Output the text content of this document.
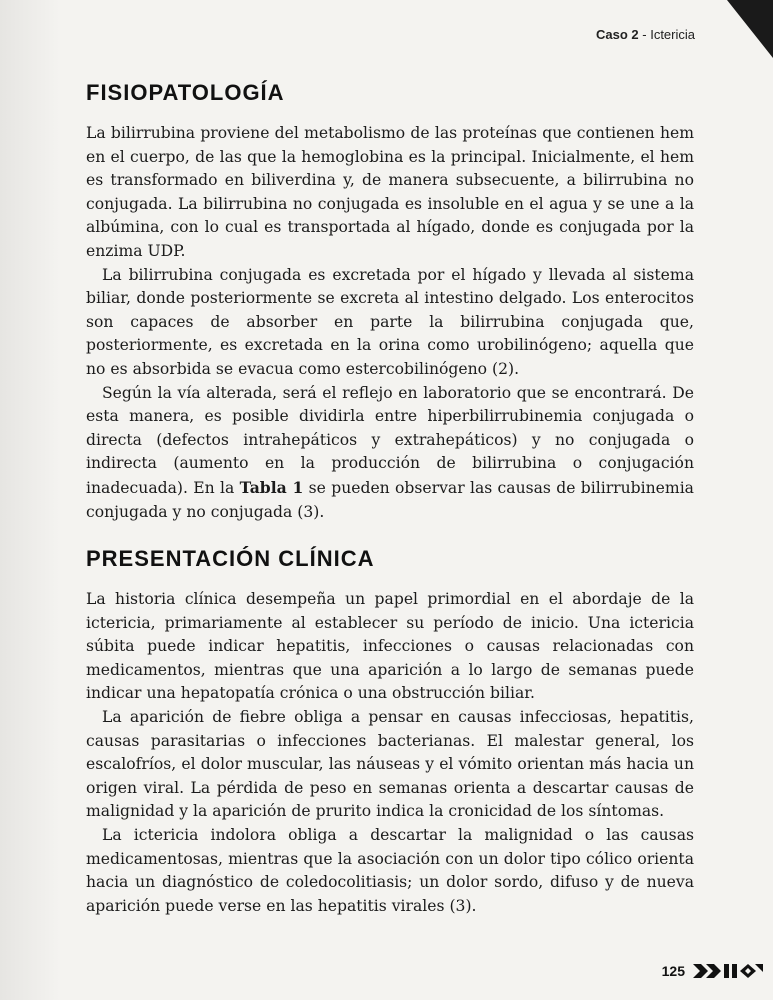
Caso 2 - Ictericia
FISIOPATOLOGÍA

La bilirrubina proviene del metabolismo de las proteínas que contienen hem en el cuerpo, de las que la hemoglobina es la principal. Inicialmente, el hem es transformado en biliverdina y, de manera subsecuente, a bilirrubina no conjugada. La bilirrubina no conjugada es insoluble en el agua y se une a la albúmina, con lo cual es transportada al hígado, donde es conjugada por la enzima UDP.

La bilirrubina conjugada es excretada por el hígado y llevada al sistema biliar, donde posteriormente se excreta al intestino delgado. Los enterocitos son capaces de absorber en parte la bilirrubina conjugada que, posteriormente, es excretada en la orina como urobilinógeno; aquella que no es absorbida se evacua como estercobilinógeno (2).

Según la vía alterada, será el reflejo en laboratorio que se encontrará. De esta manera, es posible dividirla entre hiperbilirrubinemia conjugada o directa (defectos intrahepáticos y extrahepáticos) y no conjugada o indirecta (aumento en la producción de bilirrubina o conjugación inadecuada). En la Tabla 1 se pueden observar las causas de bilirrubinemia conjugada y no conjugada (3).

PRESENTACIÓN CLÍNICA

La historia clínica desempeña un papel primordial en el abordaje de la ictericia, primariamente al establecer su período de inicio. Una ictericia súbita puede indicar hepatitis, infecciones o causas relacionadas con medicamentos, mientras que una aparición a lo largo de semanas puede indicar una hepatopatía crónica o una obstrucción biliar.

La aparición de fiebre obliga a pensar en causas infecciosas, hepatitis, causas parasitarias o infecciones bacterianas. El malestar general, los escalofríos, el dolor muscular, las náuseas y el vómito orientan más hacia un origen viral. La pérdida de peso en semanas orienta a descartar causas de malignidad y la aparición de prurito indica la cronicidad de los síntomas.

La ictericia indolora obliga a descartar la malignidad o las causas medicamentosas, mientras que la asociación con un dolor tipo cólico orienta hacia un diagnóstico de coledocolitiasis; un dolor sordo, difuso y de nueva aparición puede verse en las hepatitis virales (3).

125
